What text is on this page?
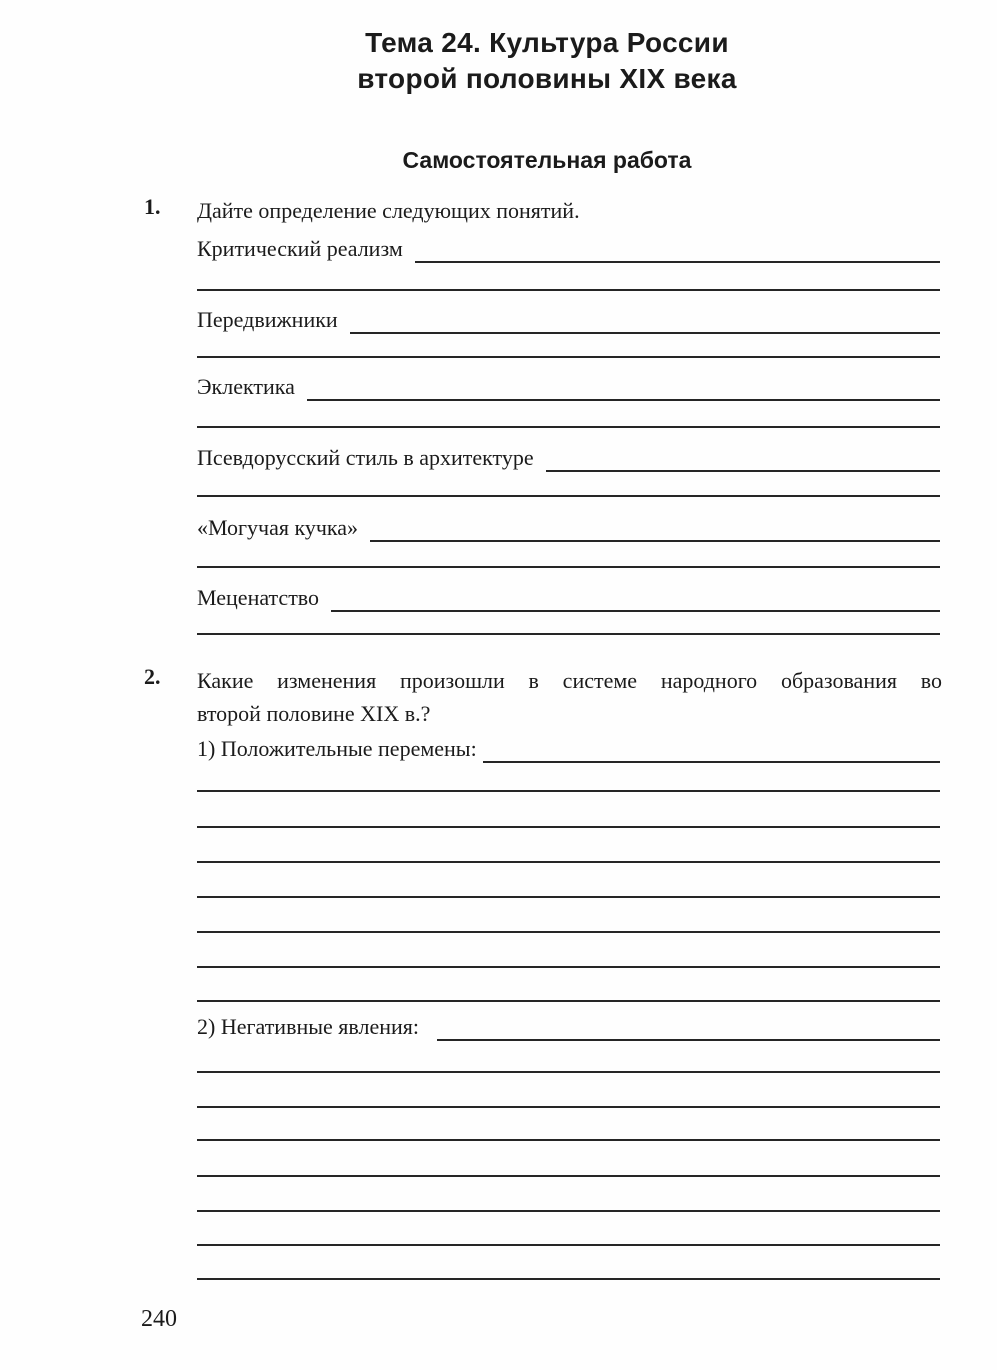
Тема 24. Культура России
второй половины XIX века
Самостоятельная работа
1. Дайте определение следующих понятий.
Критический реализм
Передвижники
Эклектика
Псевдорусский стиль в архитектуре
«Могучая кучка»
Меценатство
2. Какие изменения произошли в системе народного образования во
второй половине XIX в.?
1) Положительные перемены:
2) Негативные явления:
240
